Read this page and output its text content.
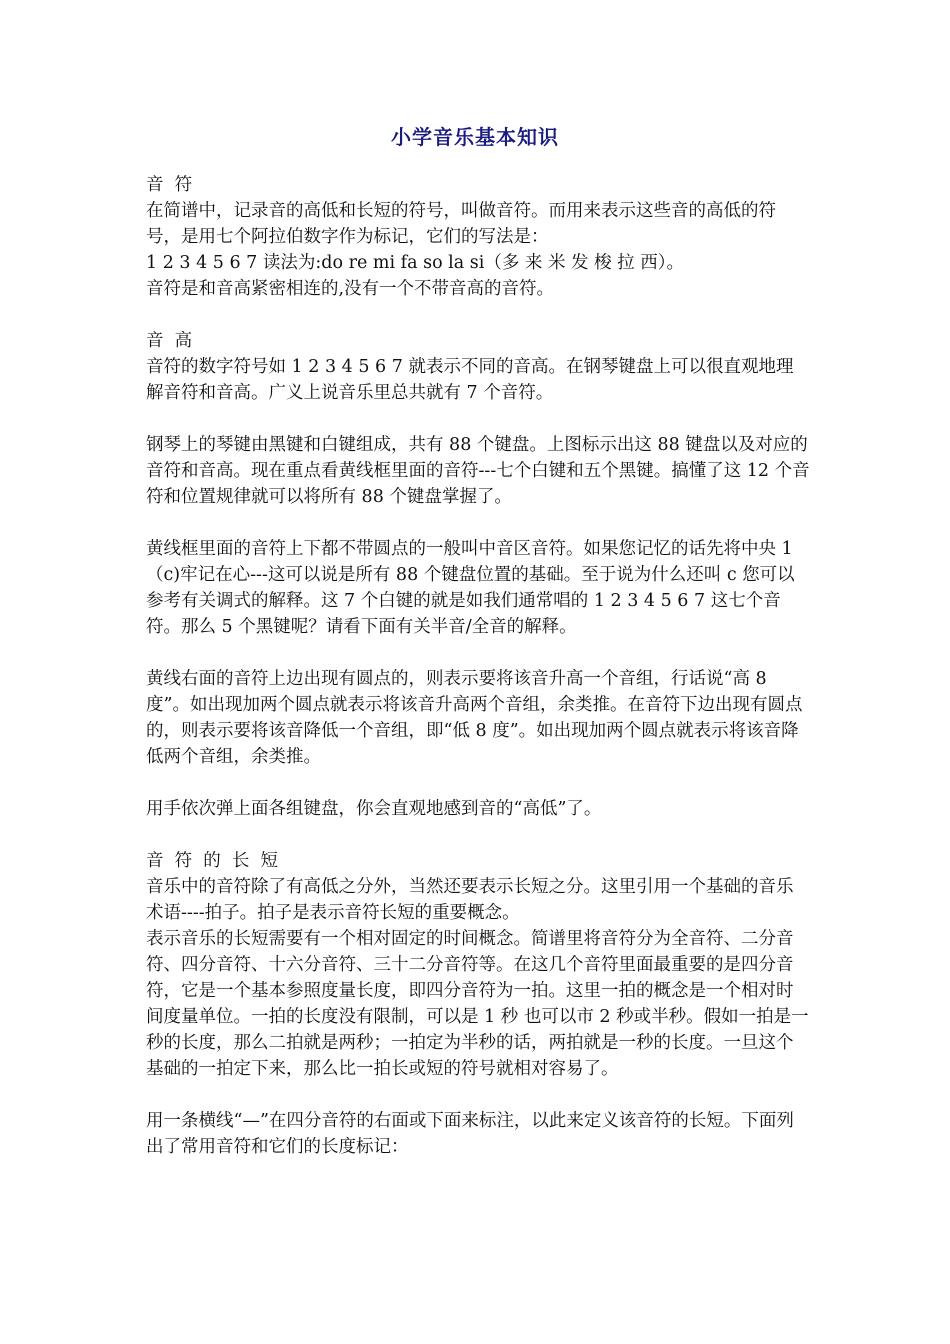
小学音乐基本知识

音  符

在简谱中，记录音的高低和长短的符号，叫做音符。而用来表示这些音的高低的符号，是用七个阿拉伯数字作为标记，它们的写法是：

1 2 3 4 5 6 7 读法为:do re mi fa so la si（多 来 米 发 梭 拉 西）。

音符是和音高紧密相连的,没有一个不带音高的音符。

音  高

音符的数字符号如 1 2 3 4 5 6 7 就表示不同的音高。在钢琴键盘上可以很直观地理解音符和音高。广义上说音乐里总共就有 7 个音符。

钢琴上的琴键由黑键和白键组成，共有 88 个键盘。上图标示出这 88 键盘以及对应的音符和音高。现在重点看黄线框里面的音符---七个白键和五个黑键。搞懂了这 12 个音符和位置规律就可以将所有 88 个键盘掌握了。

黄线框里面的音符上下都不带圆点的一般叫中音区音符。如果您记忆的话先将中央 1（c)牢记在心---这可以说是所有 88 个键盘位置的基础。至于说为什么还叫 c 您可以参考有关调式的解释。这 7 个白键的就是如我们通常唱的 1 2 3 4 5 6 7 这七个音符。那么 5 个黑键呢？请看下面有关半音/全音的解释。

黄线右面的音符上边出现有圆点的，则表示要将该音升高一个音组，行话说“高 8 度”。如出现加两个圆点就表示将该音升高两个音组，余类推。在音符下边出现有圆点的，则表示要将该音降低一个音组，即“低 8 度”。如出现加两个圆点就表示将该音降低两个音组，余类推。

用手依次弹上面各组键盘，你会直观地感到音的“高低”了。

音  符  的  长  短

音乐中的音符除了有高低之分外，当然还要表示长短之分。这里引用一个基础的音乐术语----拍子。拍子是表示音符长短的重要概念。

表示音乐的长短需要有一个相对固定的时间概念。简谱里将音符分为全音符、二分音符、四分音符、十六分音符、三十二分音符等。在这几个音符里面最重要的是四分音符，它是一个基本参照度量长度，即四分音符为一拍。这里一拍的概念是一个相对时间度量单位。一拍的长度没有限制，可以是 1 秒 也可以市 2 秒或半秒。假如一拍是一秒的长度，那么二拍就是两秒；一拍定为半秒的话，两拍就是一秒的长度。一旦这个基础的一拍定下来，那么比一拍长或短的符号就相对容易了。

用一条横线“—”在四分音符的右面或下面来标注，以此来定义该音符的长短。下面列出了常用音符和它们的长度标记：
